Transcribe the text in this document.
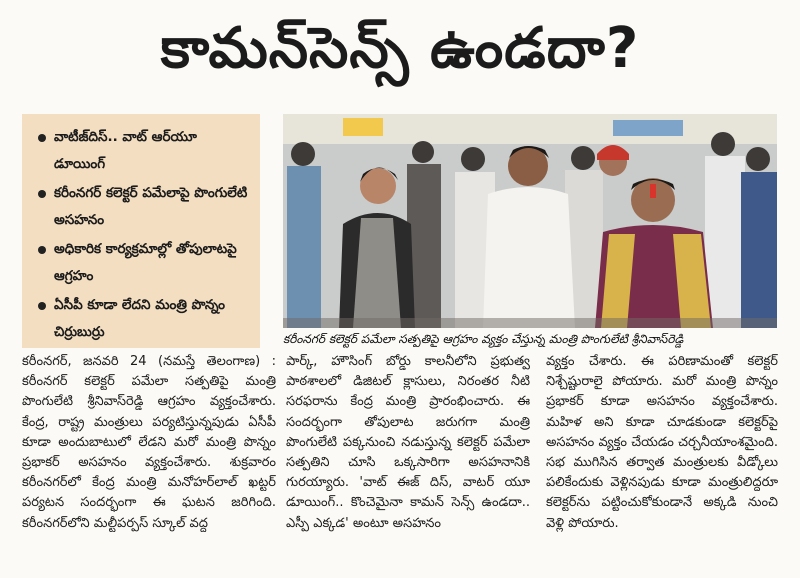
కామన్‌సెన్స్ ఉండదా?
వాటీజ్‌దిస్.. వాట్ ఆర్‌యూ డూయింగ్
కరీంనగర్ కలెక్టర్ పమేలాపై పొంగులేటి అసహనం
అధికారిక కార్యక్రమాల్లో తోపులాటపై ఆగ్రహం
ఏసీపీ కూడా లేదని మంత్రి పొన్నం చిర్రుబుర్రు	కరీంనగర్ కలెక్టర్ పమేలా సత్పతిపై ఆగ్రహం వ్యక్తం చేస్తున్న మంత్రి పొంగులేటి శ్రీనివాస్‌రెడ్డి

కరీంనగర్, జనవరి 24 (నమస్తే తెలంగాణ) : కరీంనగర్ కలెక్టర్ పమేలా సత్పతిపై మంత్రి పొంగులేటి శ్రీనివాస్‌రెడ్డి ఆగ్రహం వ్యక్తంచేశారు. కేంద్ర, రాష్ట్ర మంత్రులు పర్యటిస్తున్నపుడు ఏసీపీ కూడా అందుబాటులో లేడని మరో మంత్రి పొన్నం ప్రభాకర్ అసహనం వ్యక్తంచేశారు. శుక్రవారం కరీంనగర్‌లో కేంద్ర మంత్రి మనోహర్‌లాల్ ఖట్టర్ పర్యటన సందర్భంగా ఈ ఘటన జరిగింది. కరీంనగర్‌లోని మల్టీపర్పస్ స్కూల్ వద్ద

పార్క్, హౌసింగ్ బోర్డు కాలనీలోని ప్రభుత్వ పాఠశాలలో డిజిటల్ క్లాసులు, నిరంతర నీటి సరఫరాను కేంద్ర మంత్రి ప్రారంభించారు. ఈ సందర్భంగా తోపులాట జరుగగా మంత్రి పొంగులేటి పక్కనుంచి నడుస్తున్న కలెక్టర్ పమేలా సత్పతిని చూసి ఒక్కసారిగా అసహనానికి గురయ్యారు. 'వాట్ ఈజ్ దిస్, వాటర్ యూ డూయింగ్.. కొంచెమైనా కామన్ సెన్స్ ఉండదా.. ఎస్పీ ఎక్కడ' అంటూ అసహనం

వ్యక్తం చేశారు. ఈ పరిణామంతో కలెక్టర్ నిశ్చేష్టురాలై పోయారు. మరో మంత్రి పొన్నం ప్రభాకర్ కూడా అసహనం వ్యక్తంచేశారు. మహిళ అని కూడా చూడకుండా కలెక్టర్‌పై అసహనం వ్యక్తం చేయడం చర్చనీయాంశమైంది. సభ ముగిసిన తర్వాత మంత్రులకు వీడ్కోలు పలికేందుకు వెళ్లినపుడు కూడా మంత్రులిద్దరూ కలెక్టర్‌ను పట్టించుకోకుండానే అక్కడి నుంచి వెళ్లి పోయారు.
